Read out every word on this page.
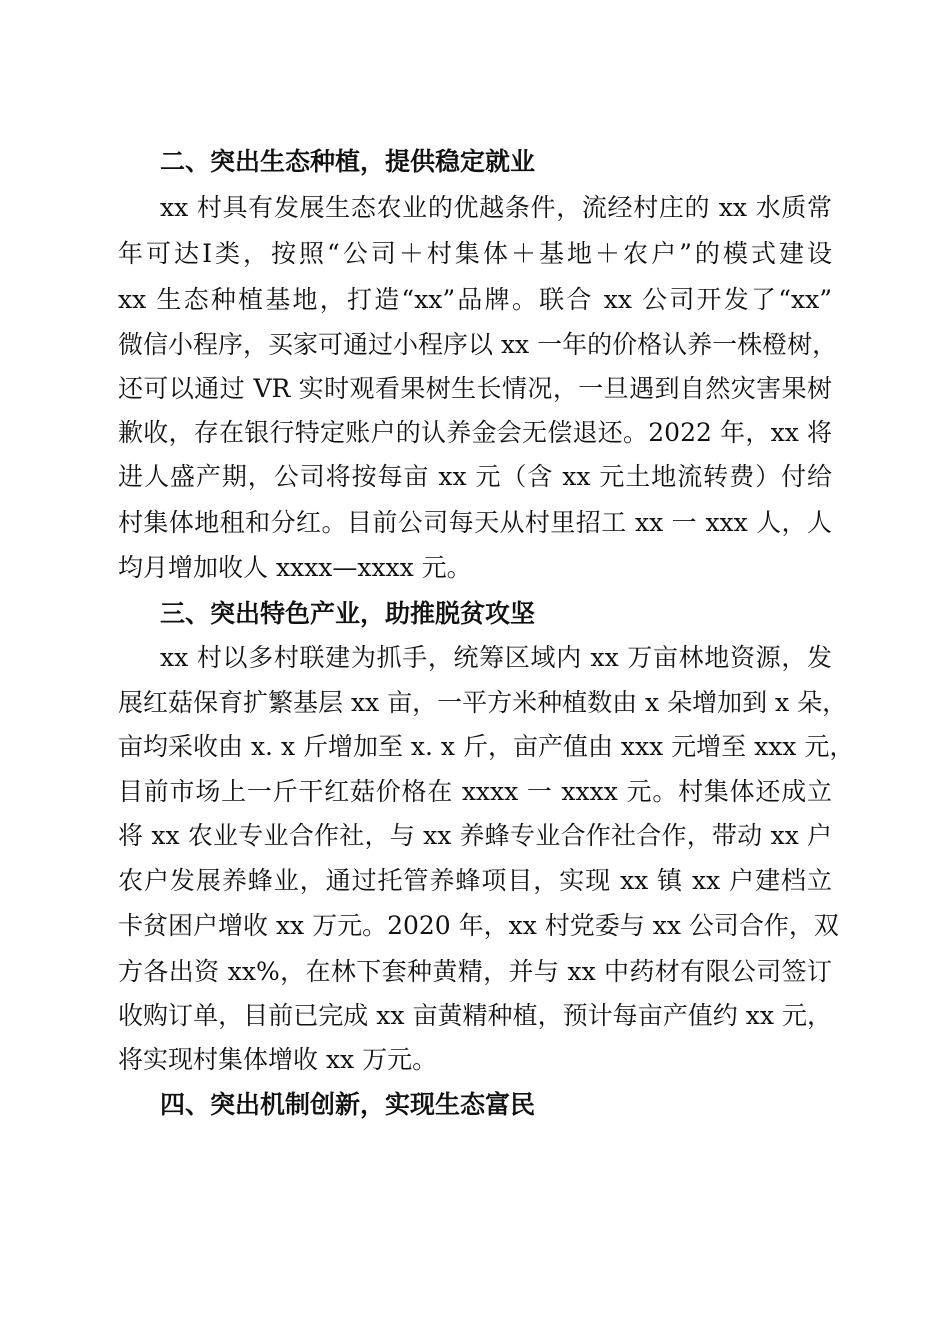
二、突出生态种植，提供稳定就业
xx 村具有发展生态农业的优越条件，流经村庄的 xx 水质常
年可达Ⅰ类，按照“公司＋村集体＋基地＋农户”的模式建设
xx 生态种植基地，打造“xx”品牌。联合 xx 公司开发了“xx”
微信小程序，买家可通过小程序以 xx 一年的价格认养一株橙树，
还可以通过 VR 实时观看果树生长情况，一旦遇到自然灾害果树
歉收，存在银行特定账户的认养金会无偿退还。2022 年，xx 将
进人盛产期，公司将按每亩 xx 元（含 xx 元土地流转费）付给
村集体地租和分红。目前公司每天从村里招工 xx 一 xxx 人，人
均月增加收人 xxxx—xxxx 元。
三、突出特色产业，助推脱贫攻坚
xx 村以多村联建为抓手，统筹区域内 xx 万亩林地资源，发
展红菇保育扩繁基层 xx 亩，一平方米种植数由 x 朵增加到 x 朵，
亩均采收由 x. x 斤增加至 x. x 斤，亩产值由 xxx 元增至 xxx 元，
目前市场上一斤干红菇价格在 xxxx 一 xxxx 元。村集体还成立
将 xx 农业专业合作社，与 xx 养蜂专业合作社合作，带动 xx 户
农户发展养蜂业，通过托管养蜂项目，实现 xx 镇 xx 户建档立
卡贫困户增收 xx 万元。2020 年，xx 村党委与 xx 公司合作，双
方各出资 xx%，在林下套种黄精，并与 xx 中药材有限公司签订
收购订单，目前已完成 xx 亩黄精种植，预计每亩产值约 xx 元，
将实现村集体增收 xx 万元。
四、突出机制创新，实现生态富民
